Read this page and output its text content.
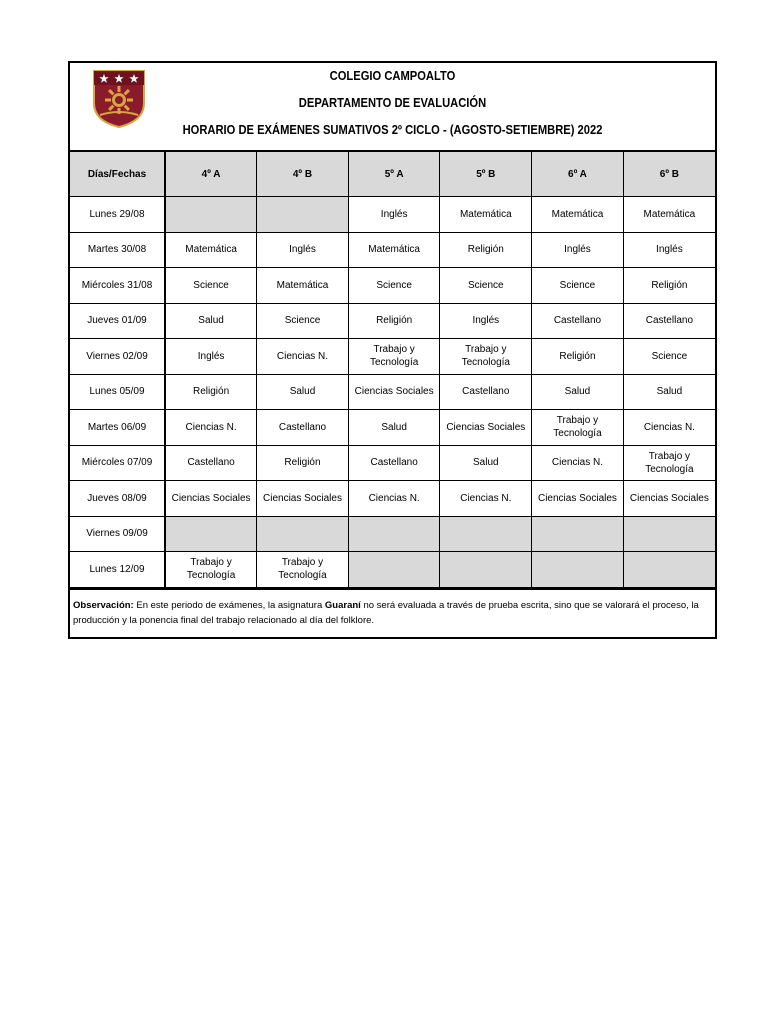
COLEGIO CAMPOALTO
DEPARTAMENTO DE EVALUACIÓN
HORARIO DE EXÁMENES SUMATIVOS 2º CICLO - (AGOSTO-SETIEMBRE) 2022
Días/Fechas	4º A	4º B	5º A	5º B	6º A	6º B
Lunes 29/08			Inglés	Matemática	Matemática	Matemática
Martes 30/08	Matemática	Inglés	Matemática	Religión	Inglés	Inglés
Miércoles 31/08	Science	Matemática	Science	Science	Science	Religión
Jueves 01/09	Salud	Science	Religión	Inglés	Castellano	Castellano
Viernes 02/09	Inglés	Ciencias N.	Trabajo y Tecnología	Trabajo y Tecnología	Religión	Science
Lunes 05/09	Religión	Salud	Ciencias Sociales	Castellano	Salud	Salud
Martes 06/09	Ciencias N.	Castellano	Salud	Ciencias Sociales	Trabajo y Tecnología	Ciencias N.
Miércoles 07/09	Castellano	Religión	Castellano	Salud	Ciencias N.	Trabajo y Tecnología
Jueves 08/09	Ciencias Sociales	Ciencias Sociales	Ciencias N.	Ciencias N.	Ciencias Sociales	Ciencias Sociales
Viernes 09/09						
Lunes 12/09	Trabajo y Tecnología	Trabajo y Tecnología				
Observación: En este periodo de exámenes, la asignatura Guaraní no será evaluada a través de prueba escrita, sino que se valorará el proceso, la producción y la ponencia final del trabajo relacionado al día del folklore.
